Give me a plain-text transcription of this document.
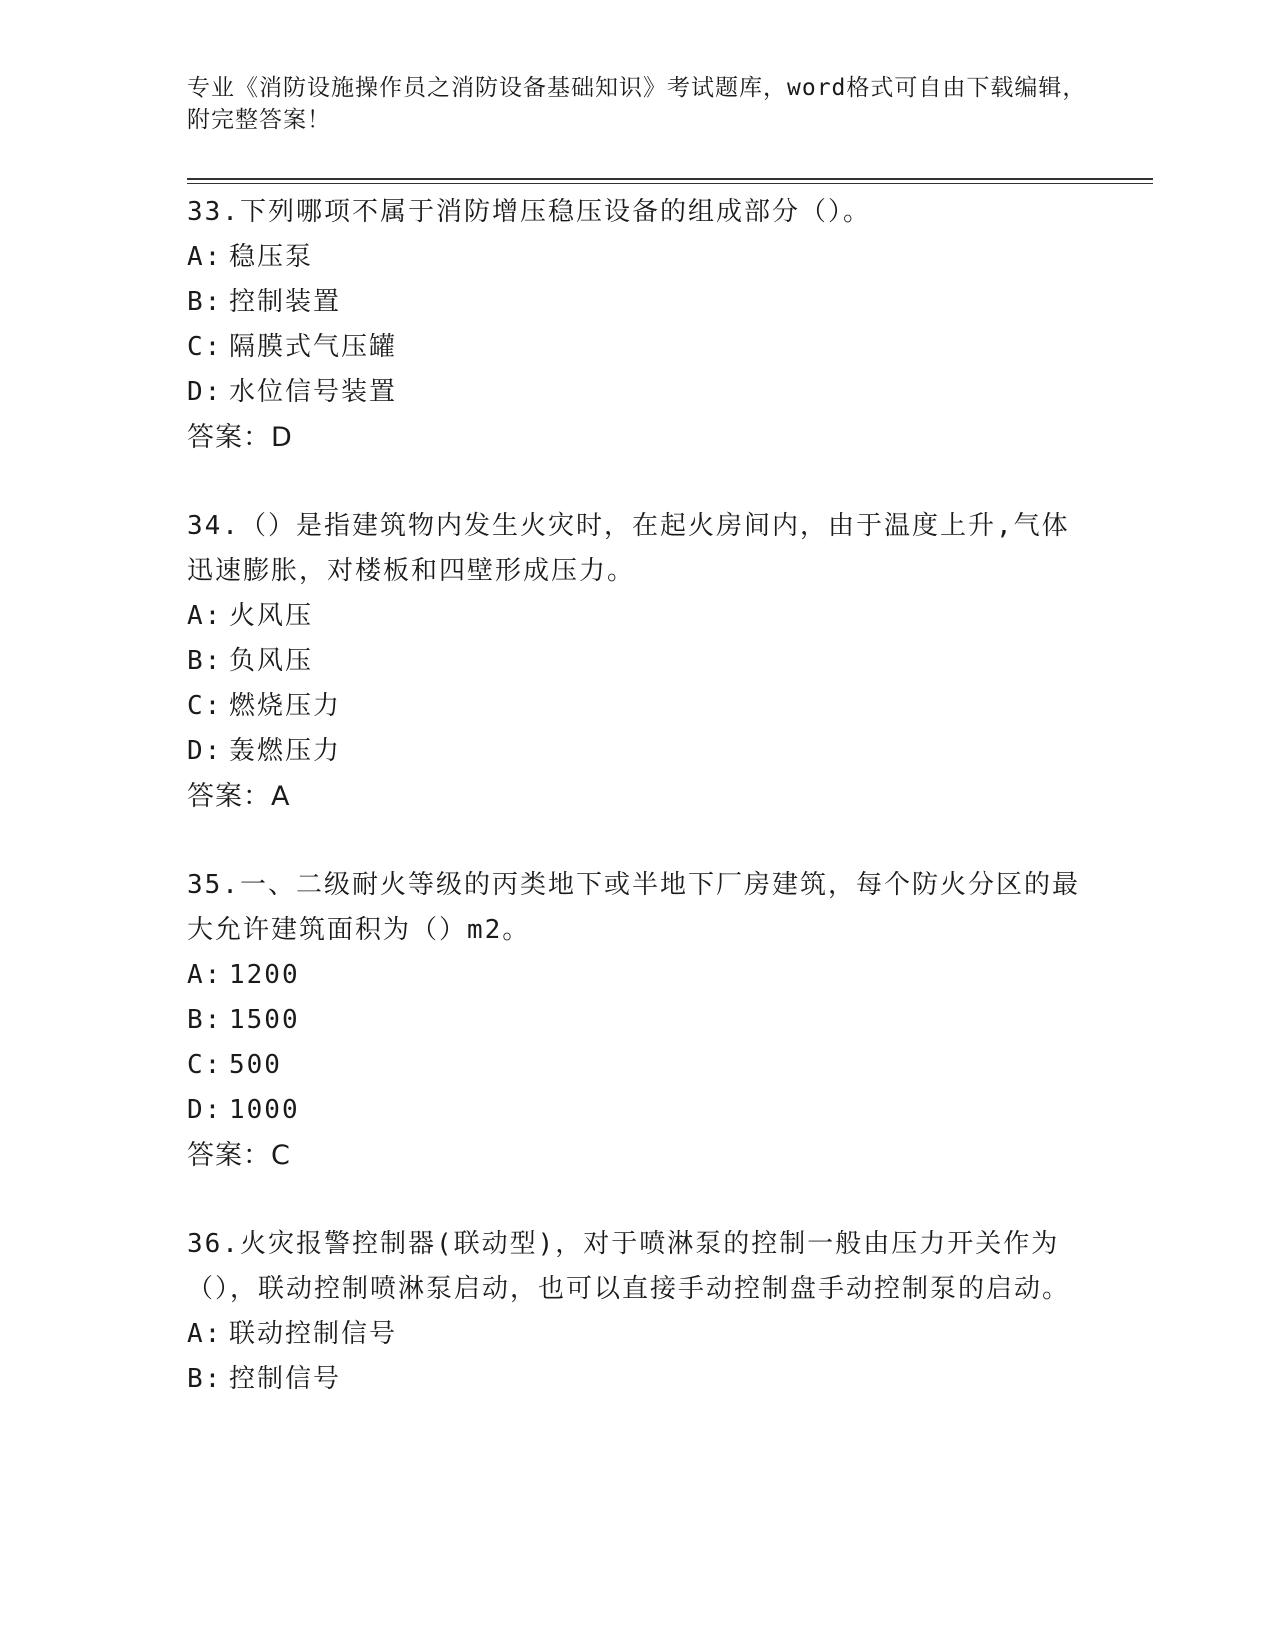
专业《消防设施操作员之消防设备基础知识》考试题库，word格式可自由下载编辑，附完整答案！
33.下列哪项不属于消防增压稳压设备的组成部分（）。
A: 稳压泵
B: 控制装置
C: 隔膜式气压罐
D: 水位信号装置
答案：D
34.（）是指建筑物内发生火灾时，在起火房间内，由于温度上升,气体迅速膨胀，对楼板和四壁形成压力。
A: 火风压
B: 负风压
C: 燃烧压力
D: 轰燃压力
答案：A
35.一、二级耐火等级的丙类地下或半地下厂房建筑，每个防火分区的最大允许建筑面积为（）m2。
A: 1200
B: 1500
C: 500
D: 1000
答案：C
36.火灾报警控制器(联动型)，对于喷淋泵的控制一般由压力开关作为（），联动控制喷淋泵启动，也可以直接手动控制盘手动控制泵的启动。
A: 联动控制信号
B: 控制信号
